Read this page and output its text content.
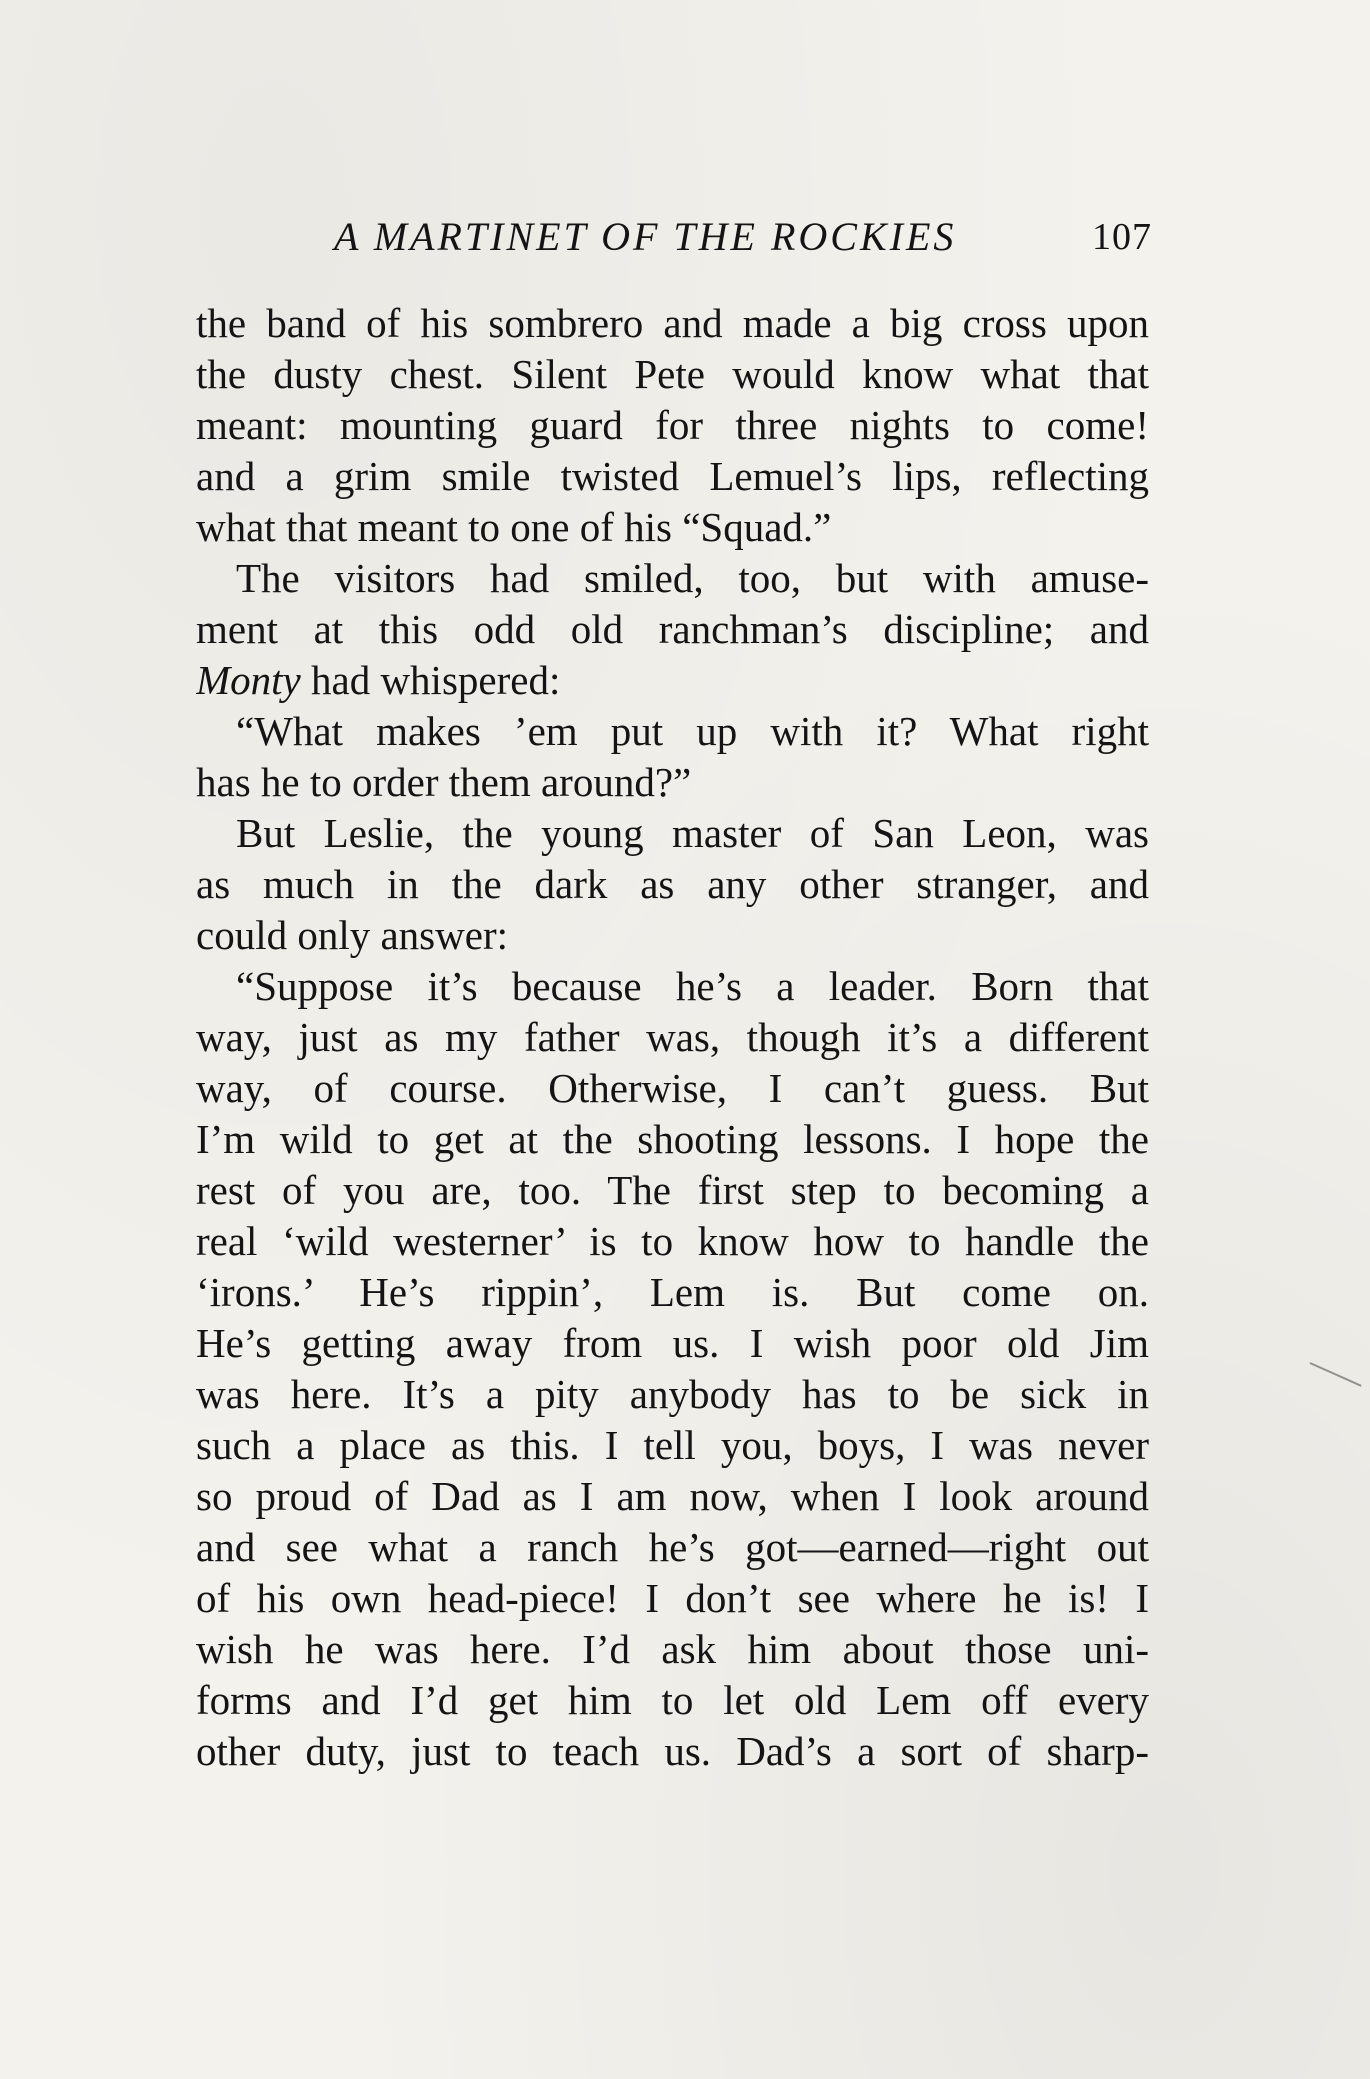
A MARTINET OF THE ROCKIES	107
the band of his sombrero and made a big cross upon
the dusty chest. Silent Pete would know what that
meant: mounting guard for three nights to come!
and a grim smile twisted Lemuel’s lips, reflecting
what that meant to one of his “Squad.”
The visitors had smiled, too, but with amuse-
ment at this odd old ranchman’s discipline; and
Monty had whispered:
“What makes ’em put up with it? What right
has he to order them around?”
But Leslie, the young master of San Leon, was
as much in the dark as any other stranger, and
could only answer:
“Suppose it’s because he’s a leader. Born that
way, just as my father was, though it’s a different
way, of course. Otherwise, I can’t guess. But
I’m wild to get at the shooting lessons. I hope the
rest of you are, too. The first step to becoming a
real ‘wild westerner’ is to know how to handle the
‘irons.’ He’s rippin’, Lem is. But come on.
He’s getting away from us. I wish poor old Jim
was here. It’s a pity anybody has to be sick in
such a place as this. I tell you, boys, I was never
so proud of Dad as I am now, when I look around
and see what a ranch he’s got—earned—right out
of his own head-piece! I don’t see where he is! I
wish he was here. I’d ask him about those uni-
forms and I’d get him to let old Lem off every
other duty, just to teach us. Dad’s a sort of sharp-
